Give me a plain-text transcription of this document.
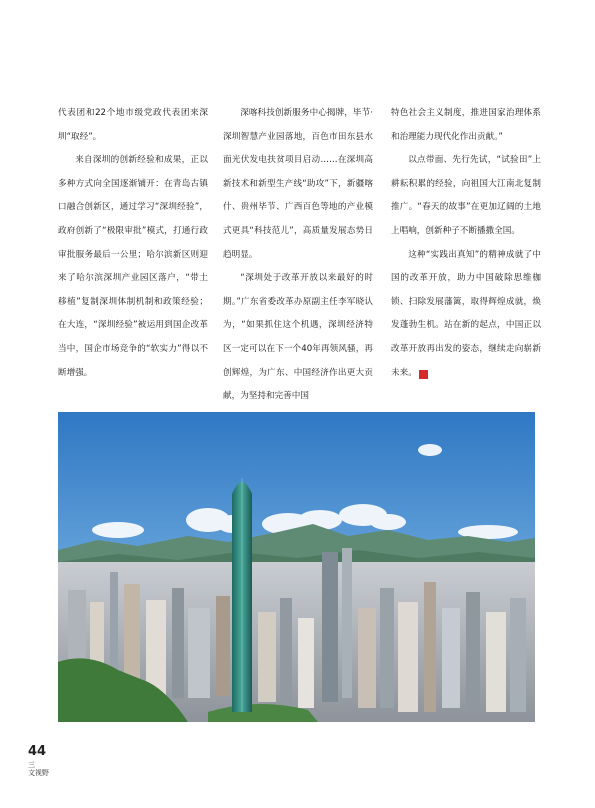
代表团和22个地市级党政代表团来深圳“取经”。

来自深圳的创新经验和成果，正以多种方式向全国逐渐铺开：在青岛古镇口融合创新区，通过学习“深圳经验”，政府创新了“极限审批”模式，打通行政审批服务最后一公里；哈尔滨新区则迎来了哈尔滨深圳产业园区落户，“带土移植”复制深圳体制机制和政策经验；在大连，“深圳经验”被运用到国企改革当中，国企市场竞争的“软实力”得以不断增强。

深喀科技创新服务中心揭牌，毕节·深圳智慧产业园落地，百色市田东县水面光伏发电扶贫项目启动……在深圳高新技术和新型生产线“助攻”下，新疆喀什、贵州毕节、广西百色等地的产业模式更具“科技范儿”，高质量发展态势日趋明显。

“深圳处于改革开放以来最好的时期。”广东省委改革办原副主任李军晓认为，“如果抓住这个机遇，深圳经济特区一定可以在下一个40年再领风骚，再创辉煌，为广东、中国经济作出更大贡献，为坚持和完善中国

特色社会主义制度，推进国家治理体系和治理能力现代化作出贡献。”

以点带面、先行先试，“试验田”上耕耘积累的经验，向祖国大江南北复制推广。“春天的故事”在更加辽阔的土地上唱响，创新种子不断播撒全国。

这种“实践出真知”的精神成就了中国的改革开放，助力中国破除思维枷锁、扫除发展藩篱，取得辉煌成就，焕发蓬勃生机。站在新的起点，中国正以改革开放再出发的姿态，继续走向崭新未来。	W

44
三
文视野
